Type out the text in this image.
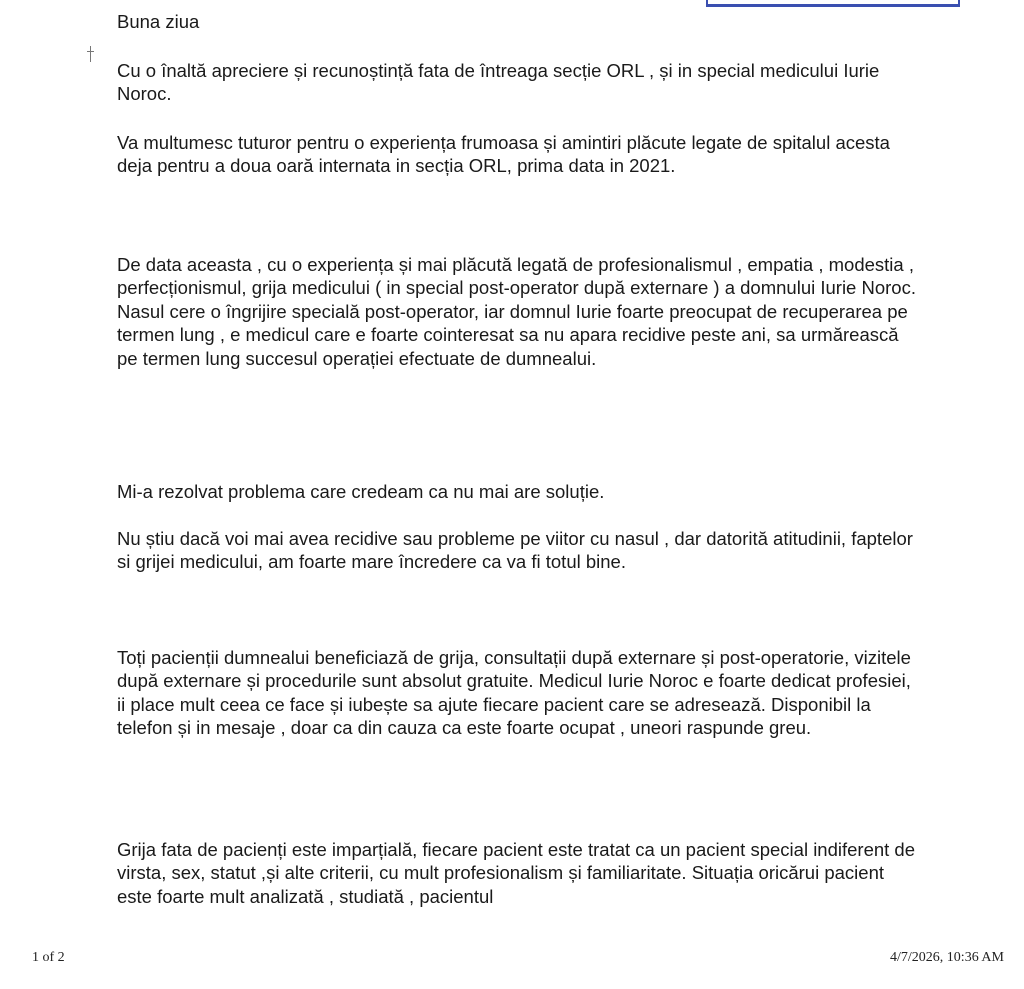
Buna ziua

Cu o înaltă apreciere și recunoștință fata de întreaga secție ORL , și in special medicului Iurie Noroc.

Va multumesc tuturor pentru o experiența frumoasa și amintiri plăcute legate de spitalul acesta deja pentru a doua oară internata in secția ORL, prima data in 2021.

De data aceasta , cu o experiența și mai plăcută legată de profesionalismul , empatia , modestia , perfecționismul, grija medicului ( in special post-operator după externare ) a domnului Iurie Noroc. Nasul cere o îngrijire specială post-operator, iar domnul Iurie foarte preocupat de recuperarea pe termen lung , e medicul care e foarte cointeresat sa nu apara recidive peste ani, sa urmărească pe termen lung succesul operației efectuate de dumnealui.

Mi-a rezolvat problema care credeam ca nu mai are soluție.

Nu știu dacă voi mai avea recidive sau probleme pe viitor cu nasul , dar datorită atitudinii, faptelor si grijei medicului, am foarte mare încredere ca va fi totul bine.

Toți pacienții dumnealui beneficiază de grija, consultații după externare și post-operatorie, vizitele după externare și procedurile sunt absolut gratuite. Medicul Iurie Noroc e foarte dedicat profesiei, ii place mult ceea ce face și iubește sa ajute fiecare pacient care se adresează. Disponibil la telefon și in mesaje , doar ca din cauza ca este foarte ocupat , uneori raspunde greu.

Grija fata de pacienți este imparțială, fiecare pacient este tratat ca un pacient special indiferent de virsta, sex, statut ,și alte criterii, cu mult profesionalism și familiaritate. Situația oricărui pacient este foarte mult analizată , studiată , pacientul

1 of 2	4/7/2026, 10:36 AM
